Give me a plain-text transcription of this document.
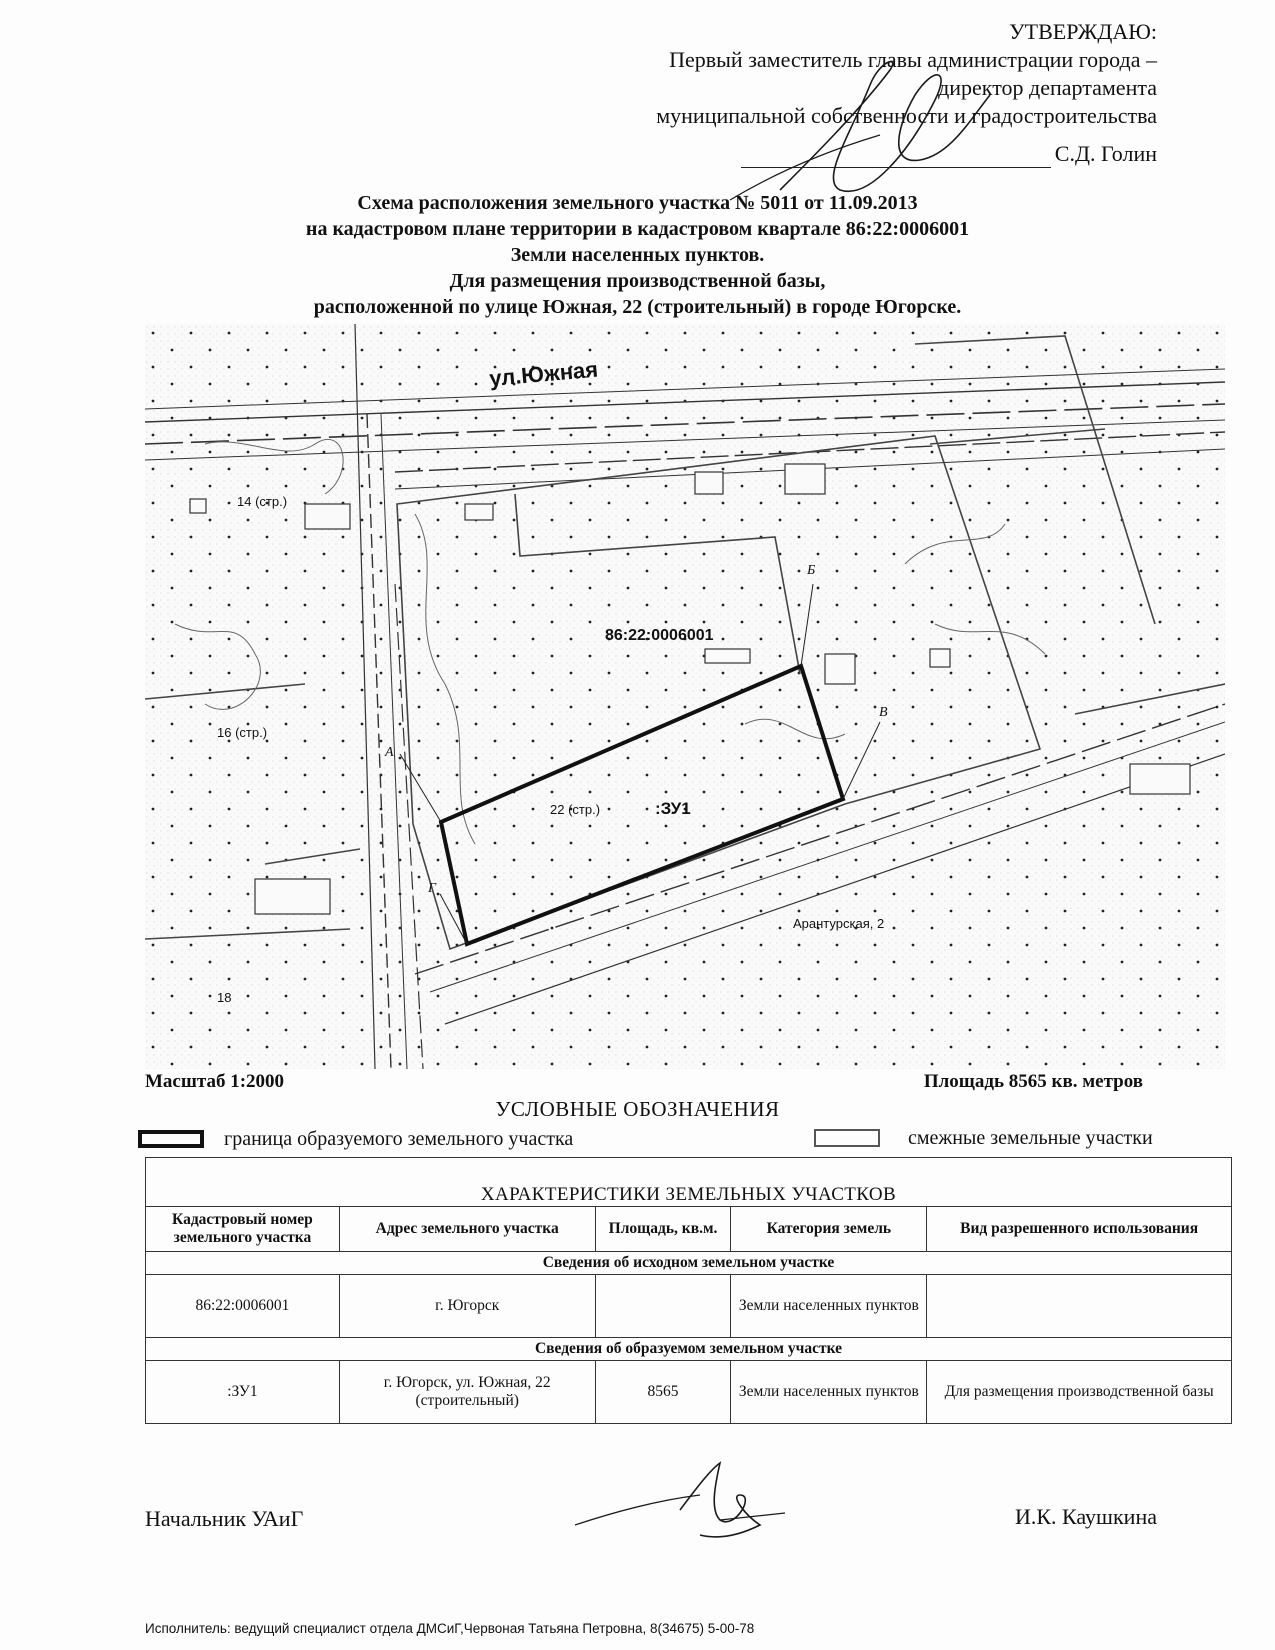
УТВЕРЖДАЮ:
Первый заместитель главы администрации города –
директор департамента
муниципальной собственности и градостроительства
С.Д. Голин
Схема расположения земельного участка № 5011 от 11.09.2013
на кадастровом плане территории в кадастровом квартале 86:22:0006001
Земли населенных пунктов.
Для размещения производственной базы,
расположенной по улице Южная, 22 (строительный) в городе Югорске.
ул.Южная
86:22:0006001
:ЗУ1
22 (стр.)
14 (стр.)
16 (стр.)
18
Арантурская, 2
А
Б
В
Г
Масштаб 1:2000	Площадь 8565 кв. метров
УСЛОВНЫЕ ОБОЗНАЧЕНИЯ
граница образуемого земельного участка	смежные земельные участки
ХАРАКТЕРИСТИКИ ЗЕМЕЛЬНЫХ УЧАСТКОВ				
Кадастровый номер земельного участка	Адрес земельного участка	Площадь, кв.м.	Категория земель	Вид разрешенного использования
Сведения об исходном земельном участке				
86:22:0006001	г. Югорск		Земли населенных пунктов	
Сведения об образуемом земельном участке				
:ЗУ1	г. Югорск, ул. Южная, 22 (строительный)	8565	Земли населенных пунктов	Для размещения производственной базы
Начальник УАиГ	И.К. Каушкина
Исполнитель: ведущий специалист отдела ДМСиГ,Червоная Татьяна Петровна, 8(34675) 5-00-78
